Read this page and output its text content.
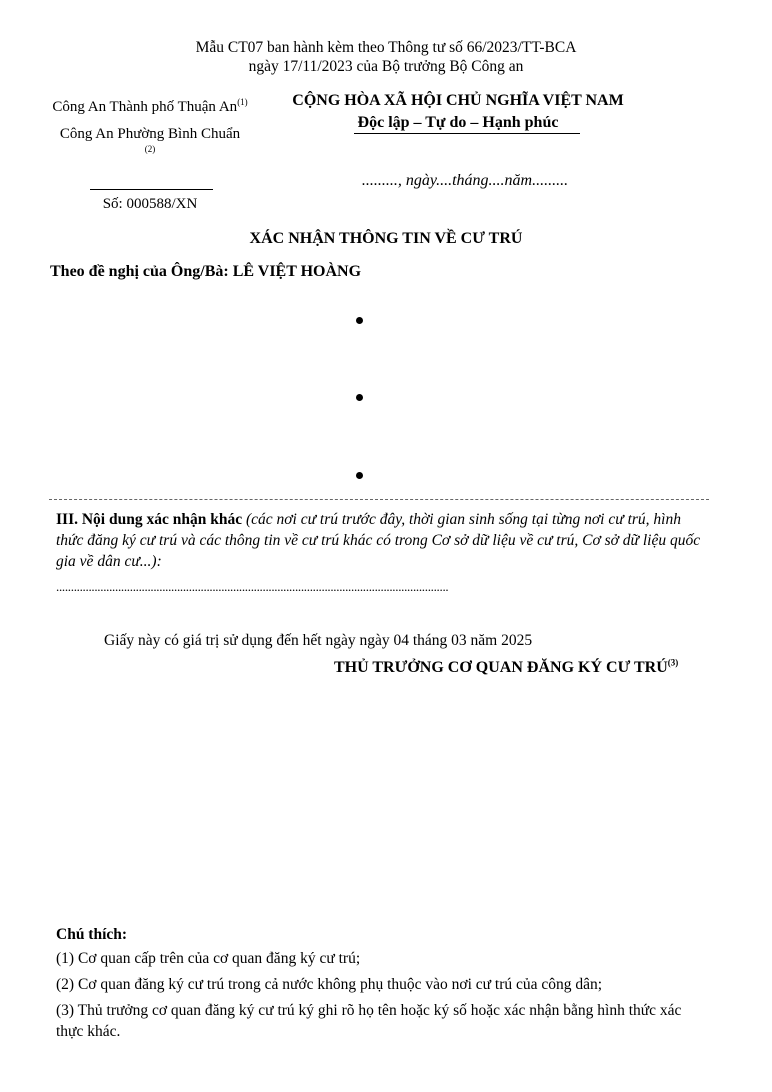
Mẫu CT07 ban hành kèm theo Thông tư số 66/2023/TT-BCA
ngày 17/11/2023 của Bộ trưởng Bộ Công an
Công An Thành phố Thuận An$^{(1)}$
Công An Phường Bình Chuẩn
(2)
Số: 000588/XN
CỘNG HÒA XÃ HỘI CHỦ NGHĨA VIỆT NAM
Độc lập – Tự do – Hạnh phúc
........., ngày....tháng....năm.........
XÁC NHẬN THÔNG TIN VỀ CƯ TRÚ
Theo đề nghị của Ông/Bà: LÊ VIỆT HOÀNG
III. Nội dung xác nhận khác (các nơi cư trú trước đây, thời gian sinh sống tại từng nơi cư trú, hình thức đăng ký cư trú và các thông tin về cư trú khác có trong Cơ sở dữ liệu về cư trú, Cơ sở dữ liệu quốc gia về dân cư...):
.....................................................................................................................................
Giấy này có giá trị sử dụng đến hết ngày ngày 04 tháng 03 năm 2025
THỦ TRƯỞNG CƠ QUAN ĐĂNG KÝ CƯ TRÚ$^{(3)}$
Chú thích:
(1) Cơ quan cấp trên của cơ quan đăng ký cư trú;
(2) Cơ quan đăng ký cư trú trong cả nước không phụ thuộc vào nơi cư trú của công dân;
(3) Thủ trưởng cơ quan đăng ký cư trú ký ghi rõ họ tên hoặc ký số hoặc xác nhận bằng hình thức xác thực khác.
